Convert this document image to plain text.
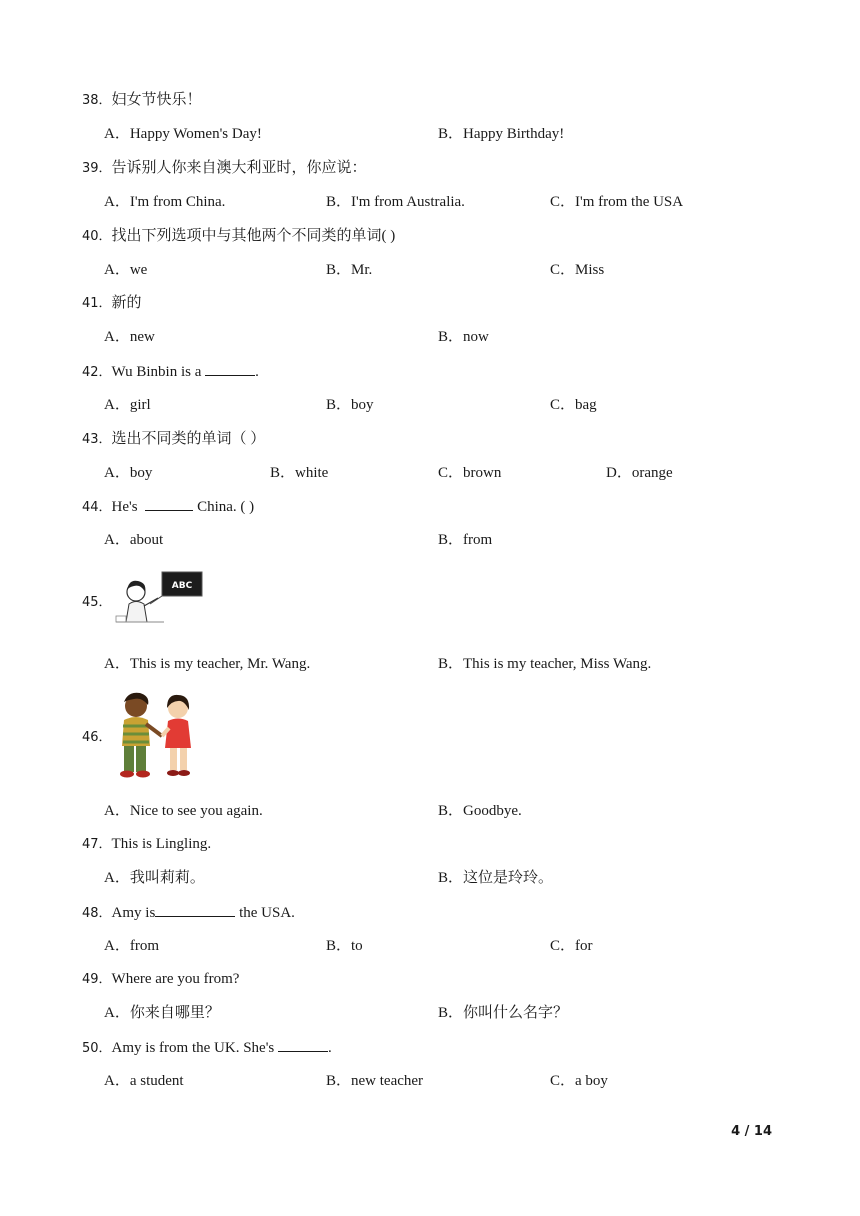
38．妇女节快乐！
A．Happy Women's Day!	B．Happy Birthday!
39．告诉别人你来自澳大利亚时，你应说：
A．I'm from China.	B．I'm from Australia.	C．I'm from the USA
40．找出下列选项中与其他两个不同类的单词( )
A．we	B．Mr.	C．Miss
41．新的
A．new	B．now
42．Wu Binbin is a	.
A．girl	B．boy	C．bag
43．选出不同类的单词（ ）
A．boy	B．white	C．brown	D．orange
44．He's	China. ( )
A．about	B．from
45．
ABC
A．This is my teacher, Mr. Wang.	B．This is my teacher, Miss Wang.
46．
A．Nice to see you again.	B．Goodbye.
47．This is Lingling.
A．我叫莉莉。	B．这位是玲玲。
48．Amy is	the USA.
A．from	B．to	C．for
49．Where are you from?
A．你来自哪里？	B．你叫什么名字？
50．Amy is from the UK. She's	.
A．a student	B．new teacher	C．a boy
4 / 14
